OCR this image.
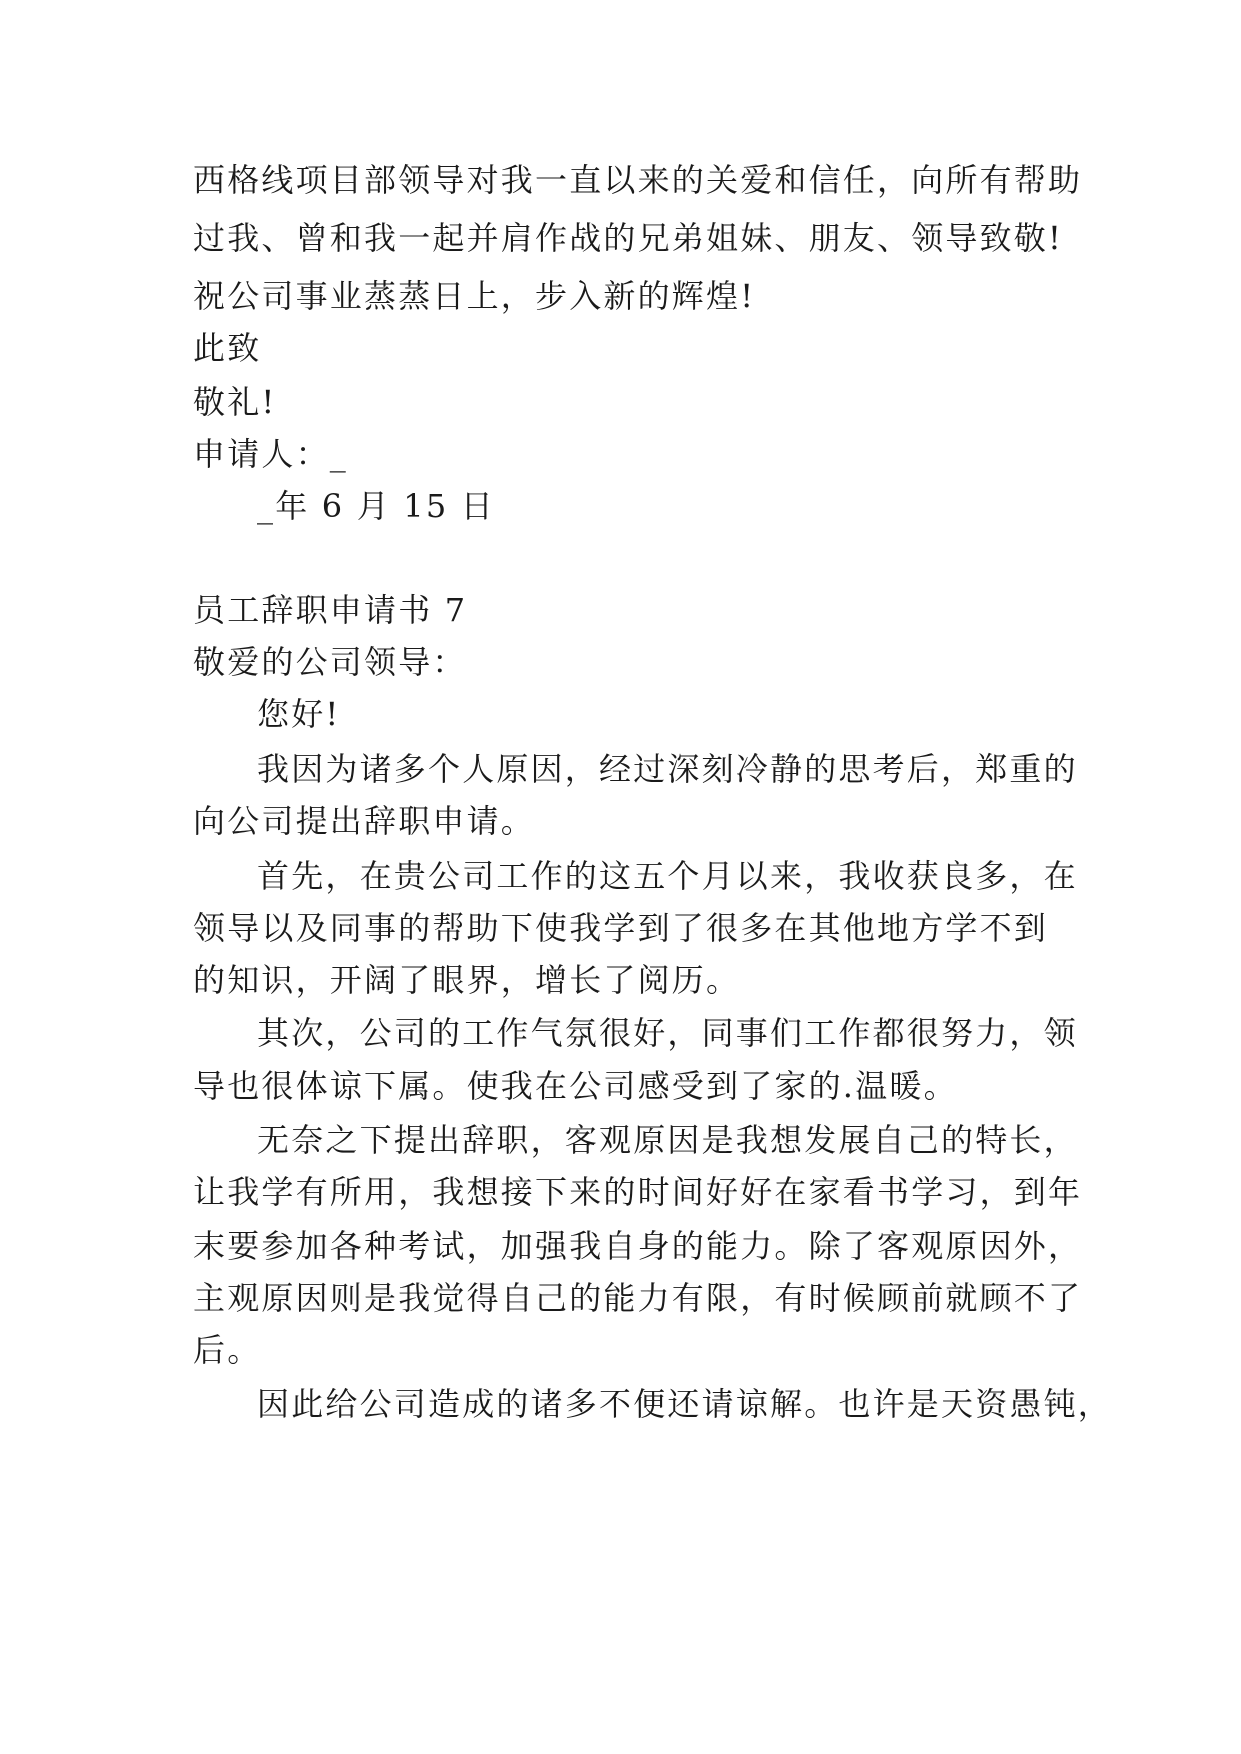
西格线项目部领导对我一直以来的关爱和信任，向所有帮助
过我、曾和我一起并肩作战的兄弟姐妹、朋友、领导致敬!
祝公司事业蒸蒸日上，步入新的辉煌!
此致
敬礼!
申请人：_
_年 6 月 15 日
员工辞职申请书 7
敬爱的公司领导：
您好!
我因为诸多个人原因，经过深刻冷静的思考后，郑重的
向公司提出辞职申请。
首先，在贵公司工作的这五个月以来，我收获良多，在
领导以及同事的帮助下使我学到了很多在其他地方学不到
的知识，开阔了眼界，增长了阅历。
其次，公司的工作气氛很好，同事们工作都很努力，领
导也很体谅下属。使我在公司感受到了家的.温暖。
无奈之下提出辞职，客观原因是我想发展自己的特长，
让我学有所用，我想接下来的时间好好在家看书学习，到年
末要参加各种考试，加强我自身的能力。除了客观原因外，
主观原因则是我觉得自己的能力有限，有时候顾前就顾不了
后。
因此给公司造成的诸多不便还请谅解。也许是天资愚钝，
